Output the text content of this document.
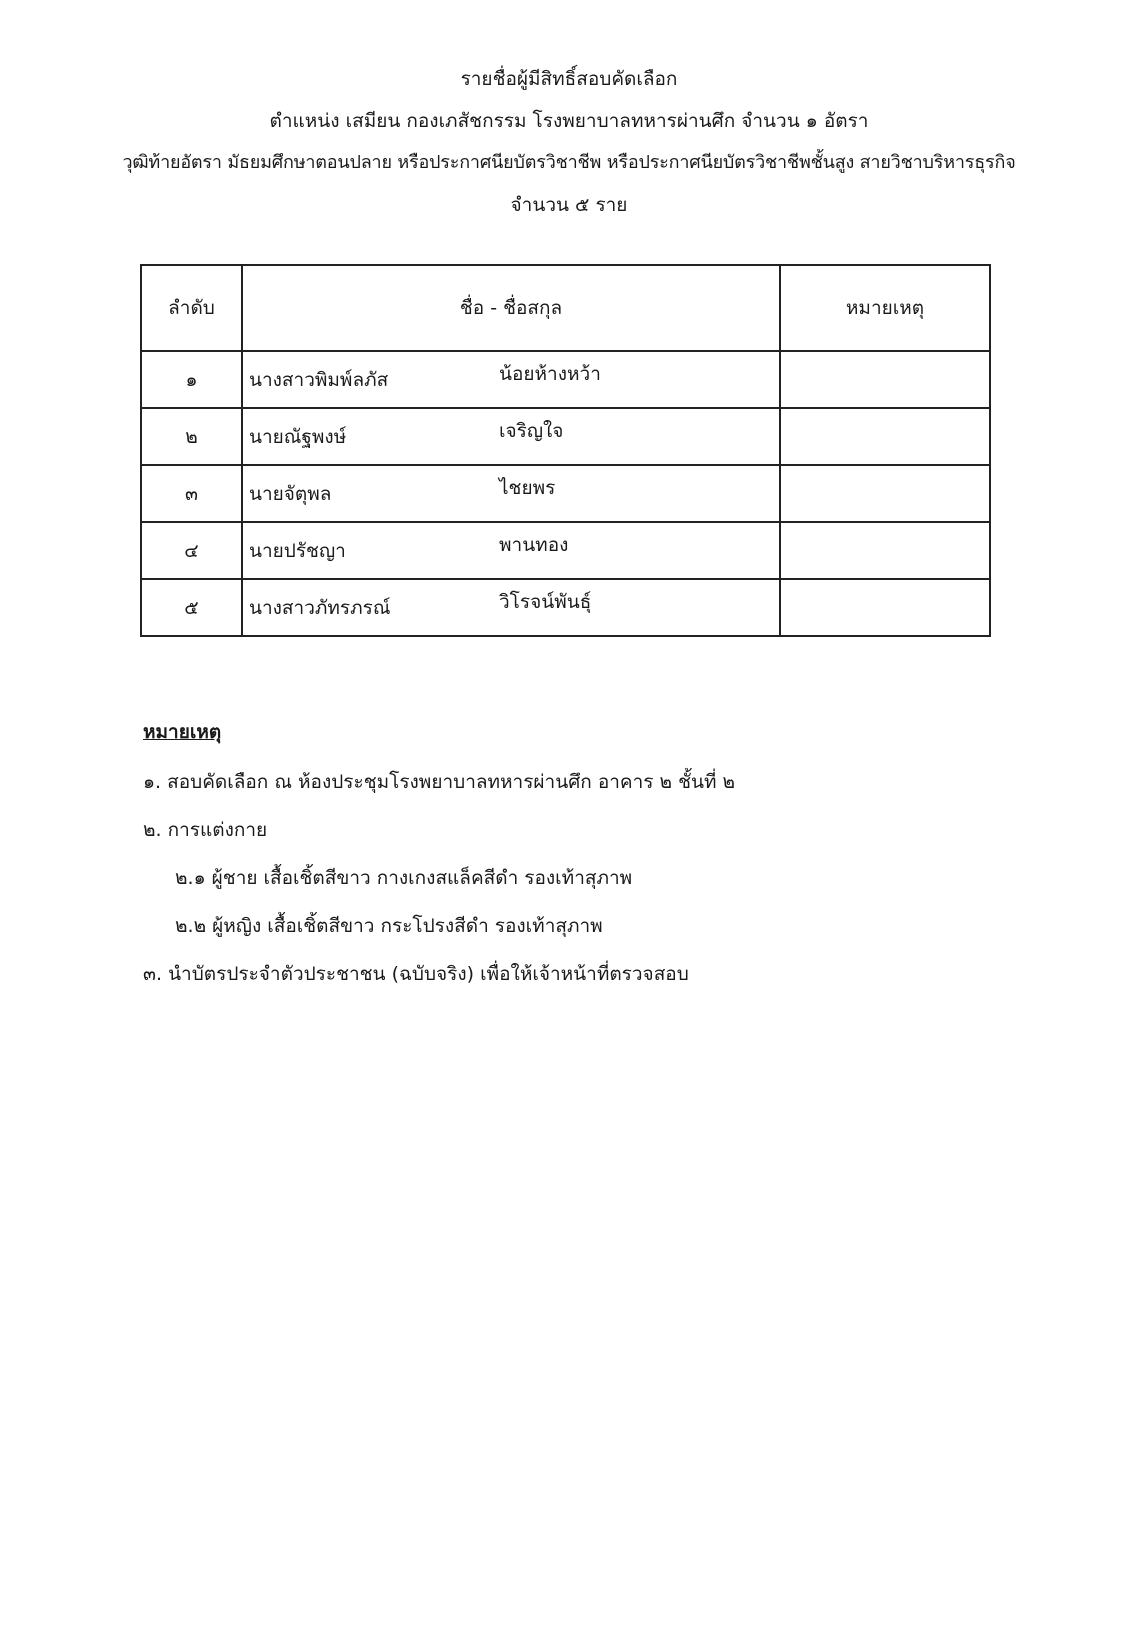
รายชื่อผู้มีสิทธิ์สอบคัดเลือก
ตำแหน่ง เสมียน กองเภสัชกรรม โรงพยาบาลทหารผ่านศึก จำนวน ๑ อัตรา
วุฒิท้ายอัตรา มัธยมศึกษาตอนปลาย หรือประกาศนียบัตรวิชาชีพ หรือประกาศนียบัตรวิชาชีพชั้นสูง สายวิชาบริหารธุรกิจ
จำนวน ๕ ราย
ลำดับ	ชื่อ - ชื่อสกุล	หมายเหตุ
๑	นางสาวพิมพ์ลภัส น้อยห้างหว้า	

๒	นายณัฐพงษ์ เจริญใจ	

๓	นายจัตุพล ไชยพร	

๔	นายปรัชญา พานทอง	

๕	นางสาวภัทรภรณ์ วิโรจน์พันธุ์	

หมายเหตุ
๑. สอบคัดเลือก ณ ห้องประชุมโรงพยาบาลทหารผ่านศึก อาคาร ๒ ชั้นที่ ๒
๒. การแต่งกาย
๒.๑ ผู้ชาย เสื้อเชิ้ตสีขาว กางเกงสแล็คสีดำ รองเท้าสุภาพ
๒.๒ ผู้หญิง เสื้อเชิ้ตสีขาว กระโปรงสีดำ รองเท้าสุภาพ
๓. นำบัตรประจำตัวประชาชน (ฉบับจริง) เพื่อให้เจ้าหน้าที่ตรวจสอบ
